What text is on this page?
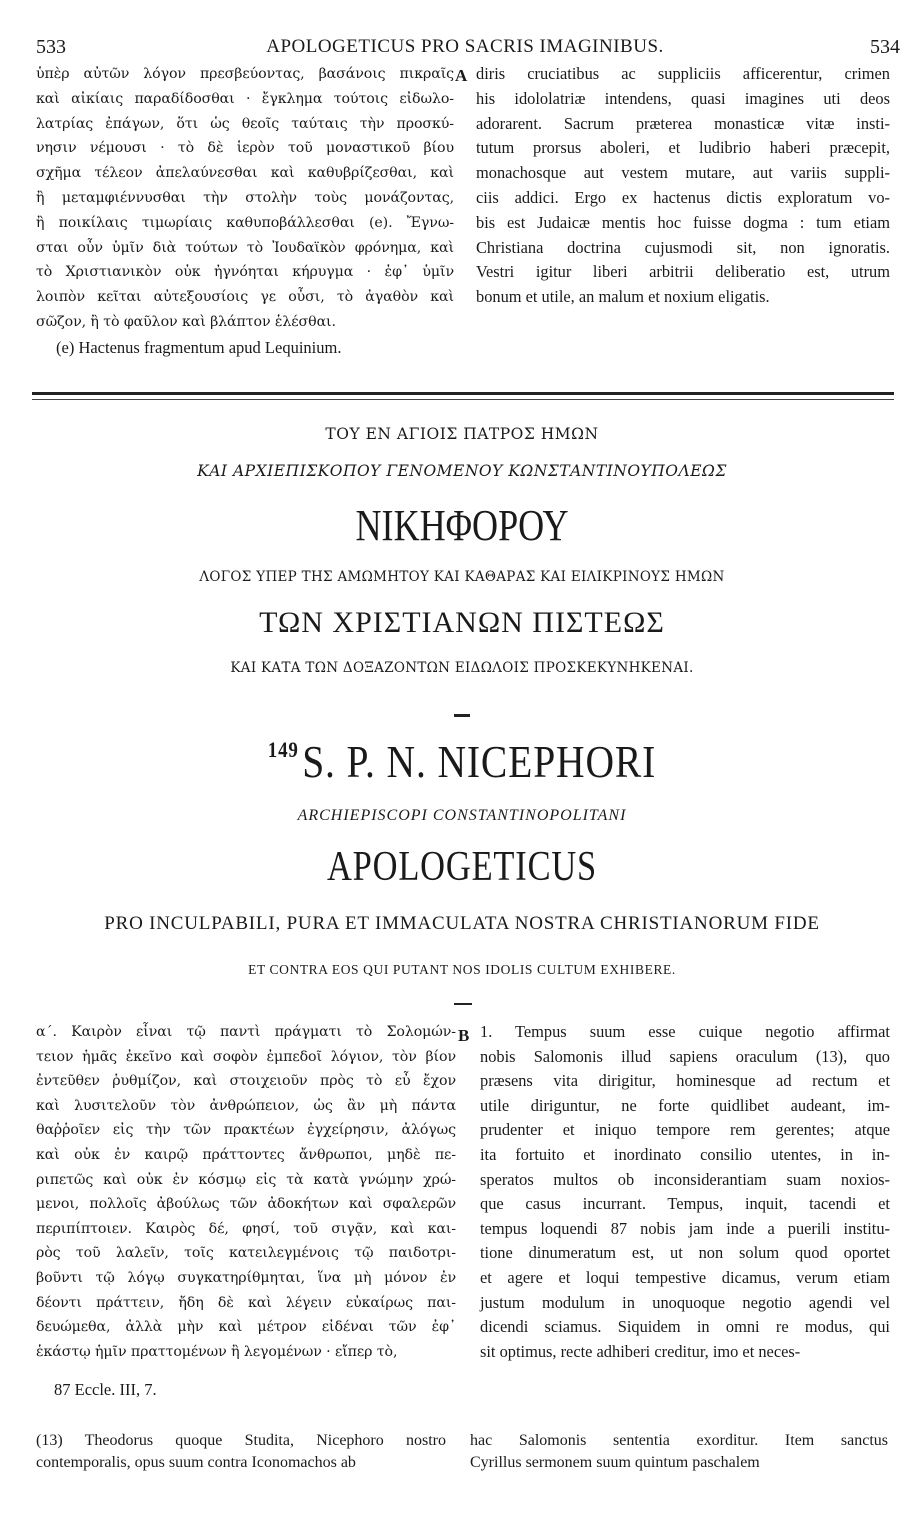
533	APOLOGETICUS PRO SACRIS IMAGINIBUS.	534
ὑπὲρ αὐτῶν λόγον πρεσβεύοντας, βασάνοις πικραῖς
καὶ αἰκίαις παραδίδοσθαι · ἔγκλημα τούτοις εἰδωλο-
λατρίας ἐπάγων, ὅτι ὡς θεοῖς ταύταις τὴν προσκύ-
νησιν νέμουσι · τὸ δὲ ἱερὸν τοῦ μοναστικοῦ βίου
σχῆμα τέλεον ἀπελαύνεσθαι καὶ καθυβρίζεσθαι, καὶ
ἢ μεταμφιέννυσθαι τὴν στολὴν τοὺς μονάζοντας,
ἢ ποικίλαις τιμωρίαις καθυποβάλλεσθαι (e). Ἔγνω-
σται οὖν ὑμῖν διὰ τούτων τὸ Ἰουδαϊκὸν φρόνημα, καὶ
τὸ Χριστιανικὸν οὐκ ἠγνόηται κήρυγμα · ἐφ᾽ ὑμῖν
λοιπὸν κεῖται αὐτεξουσίοις γε οὖσι, τὸ ἀγαθὸν καὶ
σῶζον, ἢ τὸ φαῦλον καὶ βλάπτον ἑλέσθαι.
A diris cruciatibus ac suppliciis afficerentur, crimen
his idololatriæ intendens, quasi imagines uti deos
adorarent. Sacrum præterea monasticæ vitæ insti-
tutum prorsus aboleri, et ludibrio haberi præcepit,
monachosque aut vestem mutare, aut variis suppli-
ciis addici. Ergo ex hactenus dictis exploratum vo-
bis est Judaicæ mentis hoc fuisse dogma : tum etiam
Christiana doctrina cujusmodi sit, non ignoratis.
Vestri igitur liberi arbitrii deliberatio est, utrum
bonum et utile, an malum et noxium eligatis.
(e) Hactenus fragmentum apud Lequinium.
ΤΟΥ ΕΝ ΑΓΙΟΙΣ ΠΑΤΡΟΣ ΗΜΩΝ
ΚΑΙ ΑΡΧΙΕΠΙΣΚΟΠΟΥ ΓΕΝΟΜΕΝΟΥ ΚΩΝΣΤΑΝΤΙΝΟΥΠΟΛΕΩΣ
ΝΙΚΗΦΟΡΟΥ
ΛΟΓΟΣ ΥΠΕΡ ΤΗΣ ΑΜΩΜΗΤΟΥ ΚΑΙ ΚΑΘΑΡΑΣ ΚΑΙ ΕΙΛΙΚΡΙΝΟΥΣ ΗΜΩΝ
ΤΩΝ ΧΡΙΣΤΙΑΝΩΝ ΠΙΣΤΕΩΣ
ΚΑΙ ΚΑΤΑ ΤΩΝ ΔΟΞΑΖΟΝΤΩΝ ΕΙΔΩΛΟΙΣ ΠΡΟΣΚΕΚΥΝΗΚΕΝΑΙ.
$^{149}$S. P. N. NICEPHORI
ARCHIEPISCOPI CONSTANTINOPOLITANI
APOLOGETICUS
PRO INCULPABILI, PURA ET IMMACULATA NOSTRA CHRISTIANORUM FIDE
ET CONTRA EOS QUI PUTANT NOS IDOLIS CULTUM EXHIBERE.
α΄. Καιρὸν εἶναι τῷ παντὶ πράγματι τὸ Σολομών-
τειον ἡμᾶς ἐκεῖνο καὶ σοφὸν ἐμπεδοῖ λόγιον, τὸν βίον
ἐντεῦθεν ῥυθμίζον, καὶ στοιχειοῦν πρὸς τὸ εὖ ἔχον
καὶ λυσιτελοῦν τὸν ἀνθρώπειον, ὡς ἂν μὴ πάντα
θαῤῥοῖεν εἰς τὴν τῶν πρακτέων ἐγχείρησιν, ἀλόγως
καὶ οὐκ ἐν καιρῷ πράττοντες ἄνθρωποι, μηδὲ πε-
ριπετῶς καὶ οὐκ ἐν κόσμῳ εἰς τὰ κατὰ γνώμην χρώ-
μενοι, πολλοῖς ἀβούλως τῶν ἀδοκήτων καὶ σφαλερῶν
περιπίπτοιεν. Καιρὸς δέ, φησί, τοῦ σιγᾷν, καὶ και-
ρὸς τοῦ λαλεῖν, τοῖς κατειλεγμένοις τῷ παιδοτρι-
βοῦντι τῷ λόγῳ συγκατηρίθμηται, ἵνα μὴ μόνον ἐν
δέοντι πράττειν, ἤδη δὲ καὶ λέγειν εὐκαίρως παι-
δευώμεθα, ἀλλὰ μὴν καὶ μέτρον εἰδέναι τῶν ἐφ᾽
ἑκάστῳ ἡμῖν πραττομένων ἢ λεγομένων · εἴπερ τὸ,
B 1. Tempus suum esse cuique negotio affirmat
nobis Salomonis illud sapiens oraculum (13), quo
præsens vita dirigitur, hominesque ad rectum et
utile diriguntur, ne forte quidlibet audeant, im-
prudenter et iniquo tempore rem gerentes; atque
ita fortuito et inordinato consilio utentes, in in-
speratos multos ob inconsiderantiam suam noxios-
que casus incurrant. Tempus, inquit, tacendi et
tempus loquendi 87 nobis jam inde a puerili institu-
tione dinumeratum est, ut non solum quod oportet
et agere et loqui tempestive dicamus, verum etiam
justum modulum in unoquoque negotio agendi vel
dicendi sciamus. Siquidem in omni re modus, qui
sit optimus, recte adhiberi creditur, imo et neces-
87 Eccle. III, 7.
(13) Theodorus quoque Studita, Nicephoro nostro
contemporalis, opus suum contra Iconomachos ab
hac Salomonis sententia exorditur. Item sanctus
Cyrillus sermonem suum quintum paschalem
